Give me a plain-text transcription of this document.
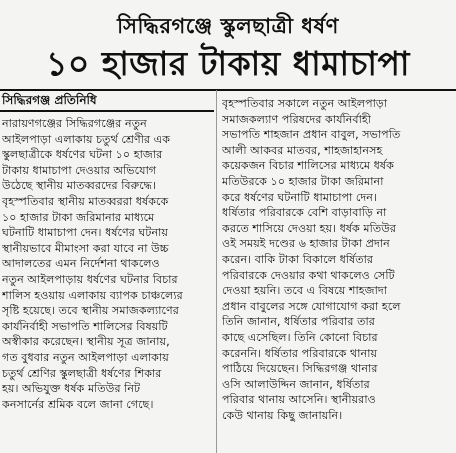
সিদ্ধিরগঞ্জে স্কুলছাত্রী ধর্ষণ
১০ হাজার টাকায় ধামাচাপা
সিদ্ধিরগঞ্জ প্রতিনিধি
নারায়ণগঞ্জের সিদ্ধিরগঞ্জের নতুন
আইলপাড়া এলাকায় চতুর্থ শ্রেণীর এক
স্কুলছাত্রীকে ধর্ষণের ঘটনা ১০ হাজার
টাকায় ধামাচাপা দেওয়ার অভিযোগ
উঠেছে স্থানীয় মাতব্বরদের বিরুদ্ধে।
বৃহস্পতিবার স্থানীয় মাতব্বররা ধর্ষককে
১০ হাজার টাকা জরিমানার মাধ্যমে
ঘটনাটি ধামাচাপা দেন। ধর্ষণের ঘটনায়
স্থানীয়ভাবে মীমাংসা করা যাবে না উচ্চ
আদালতের এমন নির্দেশনা থাকলেও
নতুন আইলপাড়ায় ধর্ষণের ঘটনার বিচার
শালিস হওয়ায় এলাকায় ব্যাপক চাঞ্চল্যের
সৃষ্টি হয়েছে। তবে স্থানীয় সমাজকল্যাণের
কার্যনির্বাহী সভাপতি শালিসের বিষয়টি
অস্বীকার করেছেন। স্থানীয় সূত্র জানায়,
গত বুধবার নতুন আইলপাড়া এলাকায়
চতুর্থ শ্রেণির স্কুলছাত্রী ধর্ষণের শিকার
হয়। অভিযুক্ত ধর্ষক মতিউর নিট
কনসার্নের শ্রমিক বলে জানা গেছে।
বৃহস্পতিবার সকালে নতুন আইলপাড়া
সমাজকল্যাণ পরিষদের কার্যনির্বাহী
সভাপতি শাহজান প্রধান বাবুল, সভাপতি
আলী আকবর মাতবর, শাহজাহানসহ
কয়েকজন বিচার শালিসের মাধ্যমে ধর্ষক
মতিউরকে ১০ হাজার টাকা জরিমানা
করে ধর্ষণের ঘটনাটি ধামাচাপা দেন।
ধর্ষিতার পরিবারকে বেশি বাড়াবাড়ি না
করতে শাসিয়ে দেওয়া হয়। ধর্ষক মতিউর
ওই সময়ই দণ্ডের ৬ হাজার টাকা প্রদান
করেন। বাকি টাকা বিকালে ধর্ষিতার
পরিবারকে দেওয়ার কথা থাকলেও সেটি
দেওয়া হয়নি। তবে এ বিষয়ে শাহজাদা
প্রধান বাবুলের সঙ্গে যোগাযোগ করা হলে
তিনি জানান, ধর্ষিতার পরিবার তার
কাছে এসেছিল। তিনি কোনো বিচার
করেননি। ধর্ষিতার পরিবারকে থানায়
পাঠিয়ে দিয়েছেন। সিদ্ধিরগঞ্জ থানার
ওসি আলাউদ্দিন জানান, ধর্ষিতার
পরিবার থানায় আসেনি। স্থানীয়রাও
কেউ থানায় কিছু জানায়নি।
